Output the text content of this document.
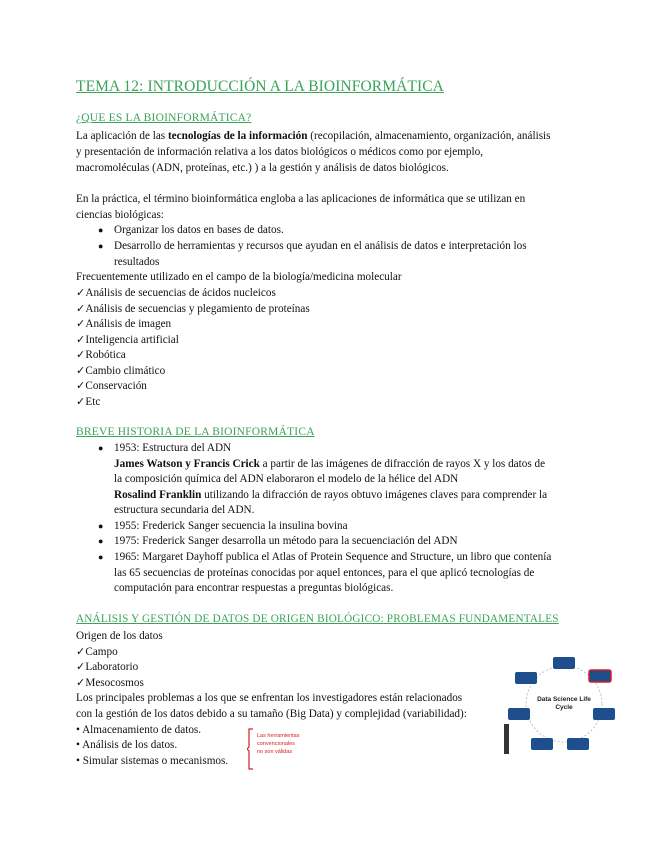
TEMA 12: INTRODUCCIÓN A LA BIOINFORMÁTICA
¿QUE ES LA BIOINFORMÁTICA?
La aplicación de las tecnologías de la información (recopilación, almacenamiento, organización, análisis
y presentación de información relativa a los datos biológicos o médicos como por ejemplo,
macromoléculas (ADN, proteínas, etc.) ) a la gestión y análisis de datos biológicos.
En la práctica, el término bioinformática engloba a las aplicaciones de informática que se utilizan en
ciencias biológicas:
● Organizar los datos en bases de datos.
● Desarrollo de herramientas y recursos que ayudan en el análisis de datos e interpretación los
resultados
Frecuentemente utilizado en el campo de la biología/medicina molecular
✓Análisis de secuencias de ácidos nucleicos
✓Análisis de secuencias y plegamiento de proteínas
✓Análisis de imagen
✓Inteligencia artificial
✓Robótica
✓Cambio climático
✓Conservación
✓Etc
BREVE HISTORIA DE LA BIOINFORMÁTICA
● 1953: Estructura del ADN
James Watson y Francis Crick a partir de las imágenes de difracción de rayos X y los datos de
la composición química del ADN elaboraron el modelo de la hélice del ADN
Rosalind Franklin utilizando la difracción de rayos obtuvo imágenes claves para comprender la
estructura secundaria del ADN.
● 1955: Frederick Sanger secuencia la insulina bovina
● 1975: Frederick Sanger desarrolla un método para la secuenciación del ADN
● 1965: Margaret Dayhoff publica el Atlas of Protein Sequence and Structure, un libro que contenía
las 65 secuencias de proteínas conocidas por aquel entonces, para el que aplicó tecnologías de
computación para encontrar respuestas a preguntas biológicas.
ANÁLISIS Y GESTIÓN DE DATOS DE ORIGEN BIOLÓGICO: PROBLEMAS FUNDAMENTALES
Origen de los datos
✓Campo
✓Laboratorio
✓Mesocosmos
Los principales problemas a los que se enfrentan los investigadores están relacionados
con la gestión de los datos debido a su tamaño (Big Data) y complejidad (variabilidad):
• Almacenamiento de datos.
• Análisis de los datos.
• Simular sistemas o mecanismos.
Las herramientas
convencionales
no son válidas
Data Science Life
Cycle
